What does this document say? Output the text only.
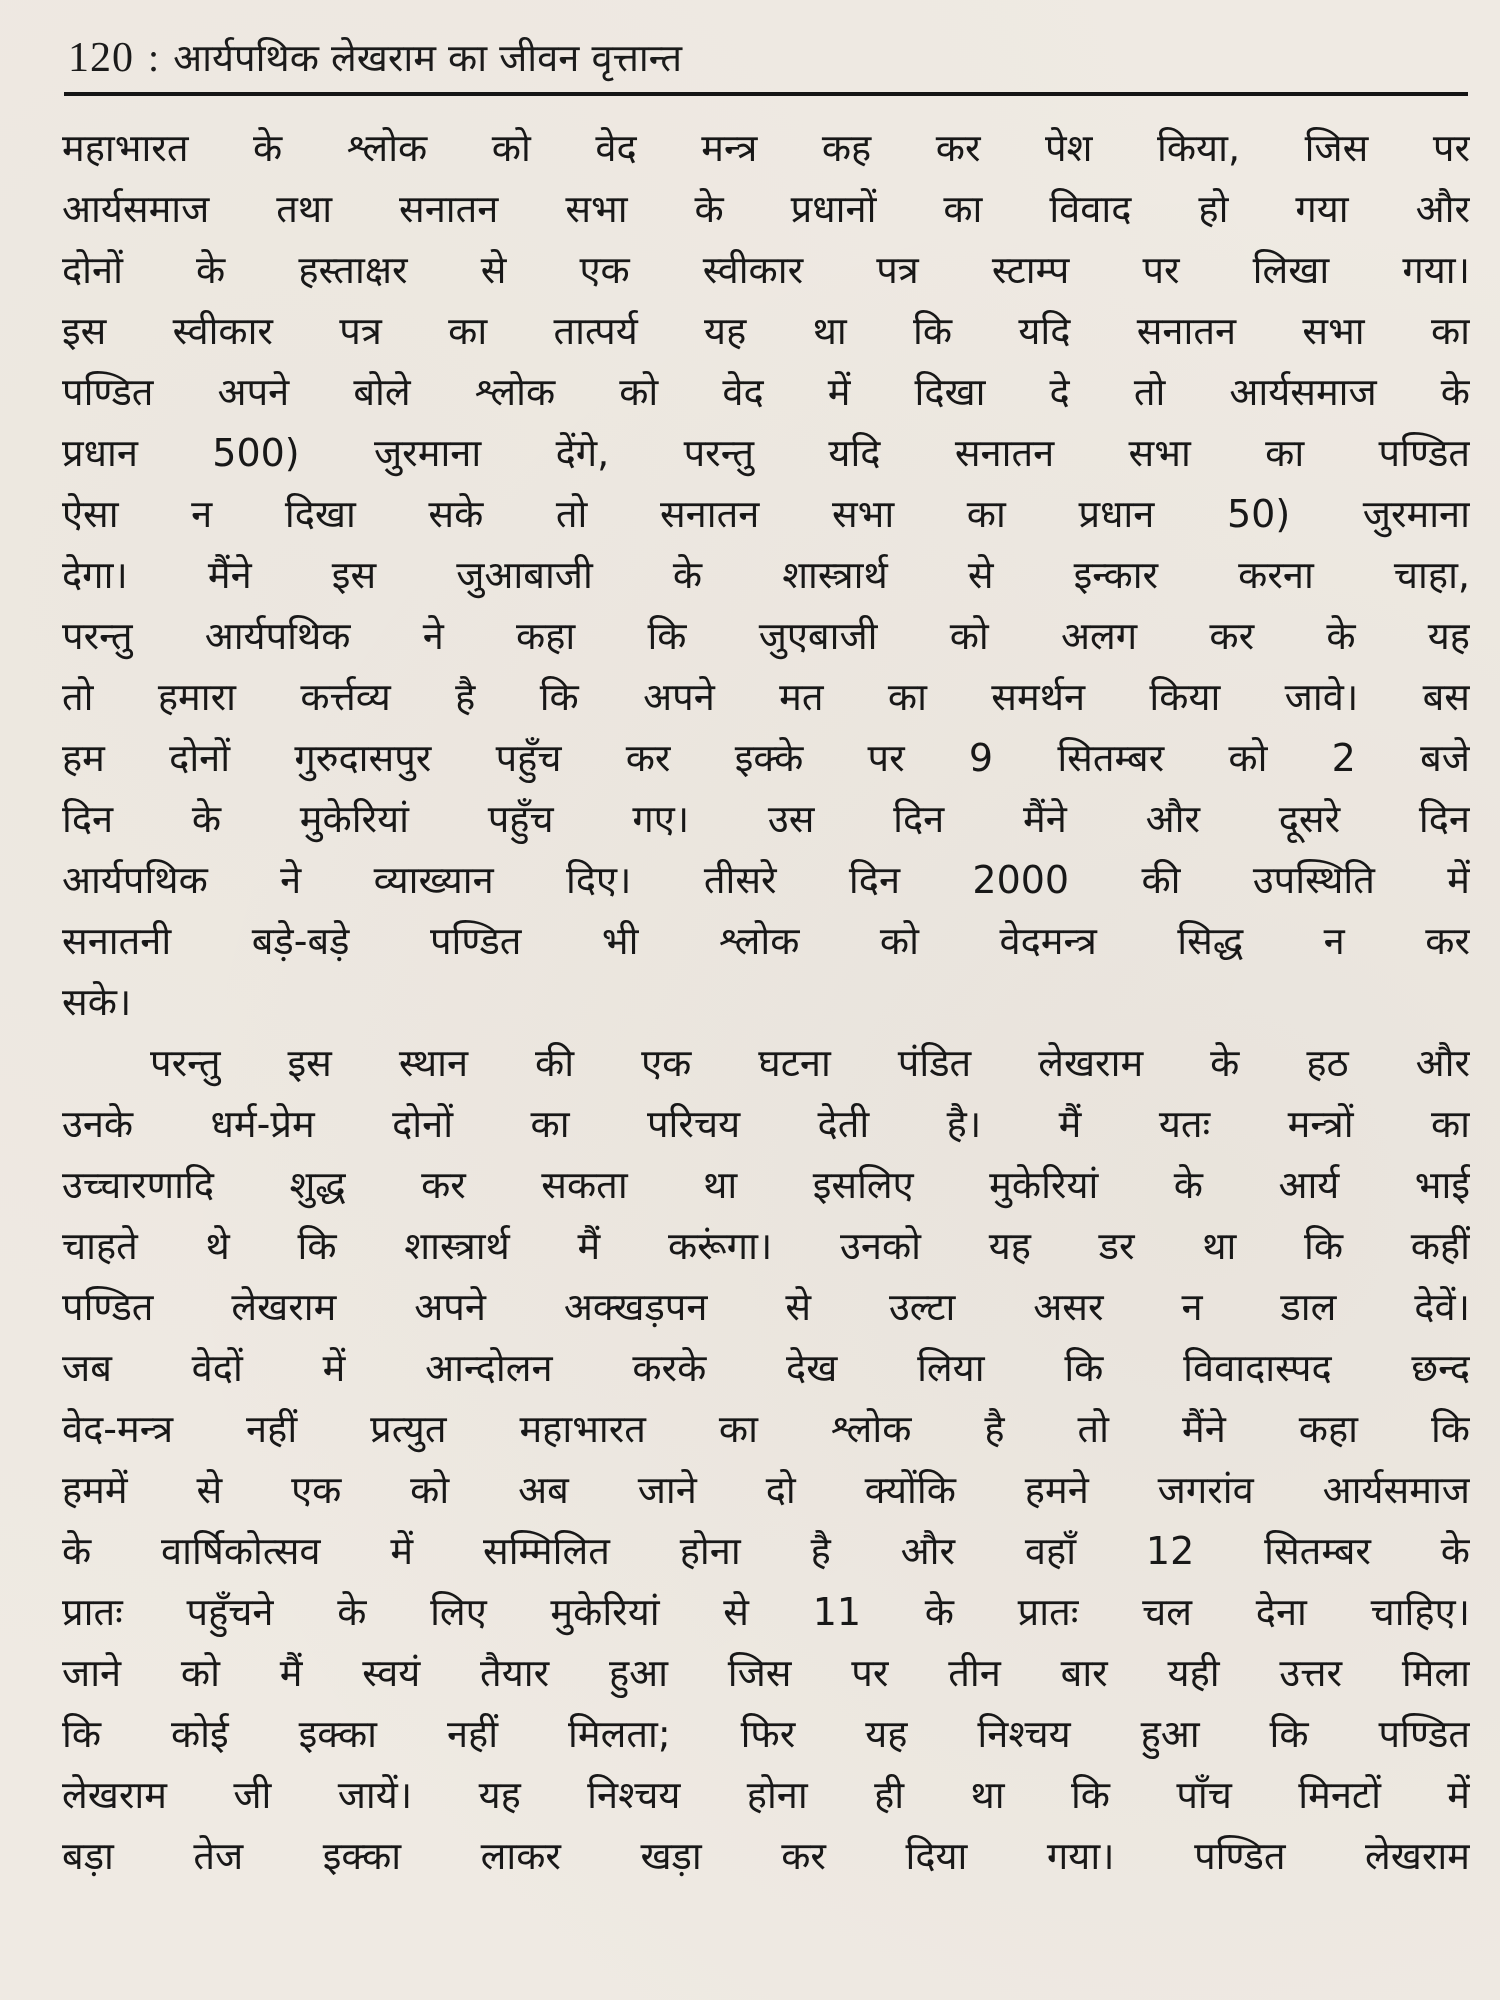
120 : आर्यपथिक लेखराम का जीवन वृत्तान्त
महाभारत के श्लोक को वेद मन्त्र कह कर पेश किया, जिस पर
आर्यसमाज तथा सनातन सभा के प्रधानों का विवाद हो गया और
दोनों के हस्ताक्षर से एक स्वीकार पत्र स्टाम्प पर लिखा गया।
इस स्वीकार पत्र का तात्पर्य यह था कि यदि सनातन सभा का
पण्डित अपने बोले श्लोक को वेद में दिखा दे तो आर्यसमाज के
प्रधान 500) जुरमाना देंगे, परन्तु यदि सनातन सभा का पण्डित
ऐसा न दिखा सके तो सनातन सभा का प्रधान 50) जुरमाना
देगा। मैंने इस जुआबाजी के शास्त्रार्थ से इन्कार करना चाहा,
परन्तु आर्यपथिक ने कहा कि जुएबाजी को अलग कर के यह
तो हमारा कर्त्तव्य है कि अपने मत का समर्थन किया जावे। बस
हम दोनों गुरुदासपुर पहुँच कर इक्के पर 9 सितम्बर को 2 बजे
दिन के मुकेरियां पहुँच गए। उस दिन मैंने और दूसरे दिन
आर्यपथिक ने व्याख्यान दिए। तीसरे दिन 2000 की उपस्थिति में
सनातनी बड़े-बड़े पण्डित भी श्लोक को वेदमन्त्र सिद्ध न कर
सके।
परन्तु इस स्थान की एक घटना पंडित लेखराम के हठ और
उनके धर्म-प्रेम दोनों का परिचय देती है। मैं यतः मन्त्रों का
उच्चारणादि शुद्ध कर सकता था इसलिए मुकेरियां के आर्य भाई
चाहते थे कि शास्त्रार्थ मैं करूंगा। उनको यह डर था कि कहीं
पण्डित लेखराम अपने अक्खड़पन से उल्टा असर न डाल देवें।
जब वेदों में आन्दोलन करके देख लिया कि विवादास्पद छन्द
वेद-मन्त्र नहीं प्रत्युत महाभारत का श्लोक है तो मैंने कहा कि
हममें से एक को अब जाने दो क्योंकि हमने जगरांव आर्यसमाज
के वार्षिकोत्सव में सम्मिलित होना है और वहाँ 12 सितम्बर के
प्रातः पहुँचने के लिए मुकेरियां से 11 के प्रातः चल देना चाहिए।
जाने को मैं स्वयं तैयार हुआ जिस पर तीन बार यही उत्तर मिला
कि कोई इक्का नहीं मिलता; फिर यह निश्चय हुआ कि पण्डित
लेखराम जी जायें। यह निश्चय होना ही था कि पाँच मिनटों में
बड़ा तेज इक्का लाकर खड़ा कर दिया गया। पण्डित लेखराम
